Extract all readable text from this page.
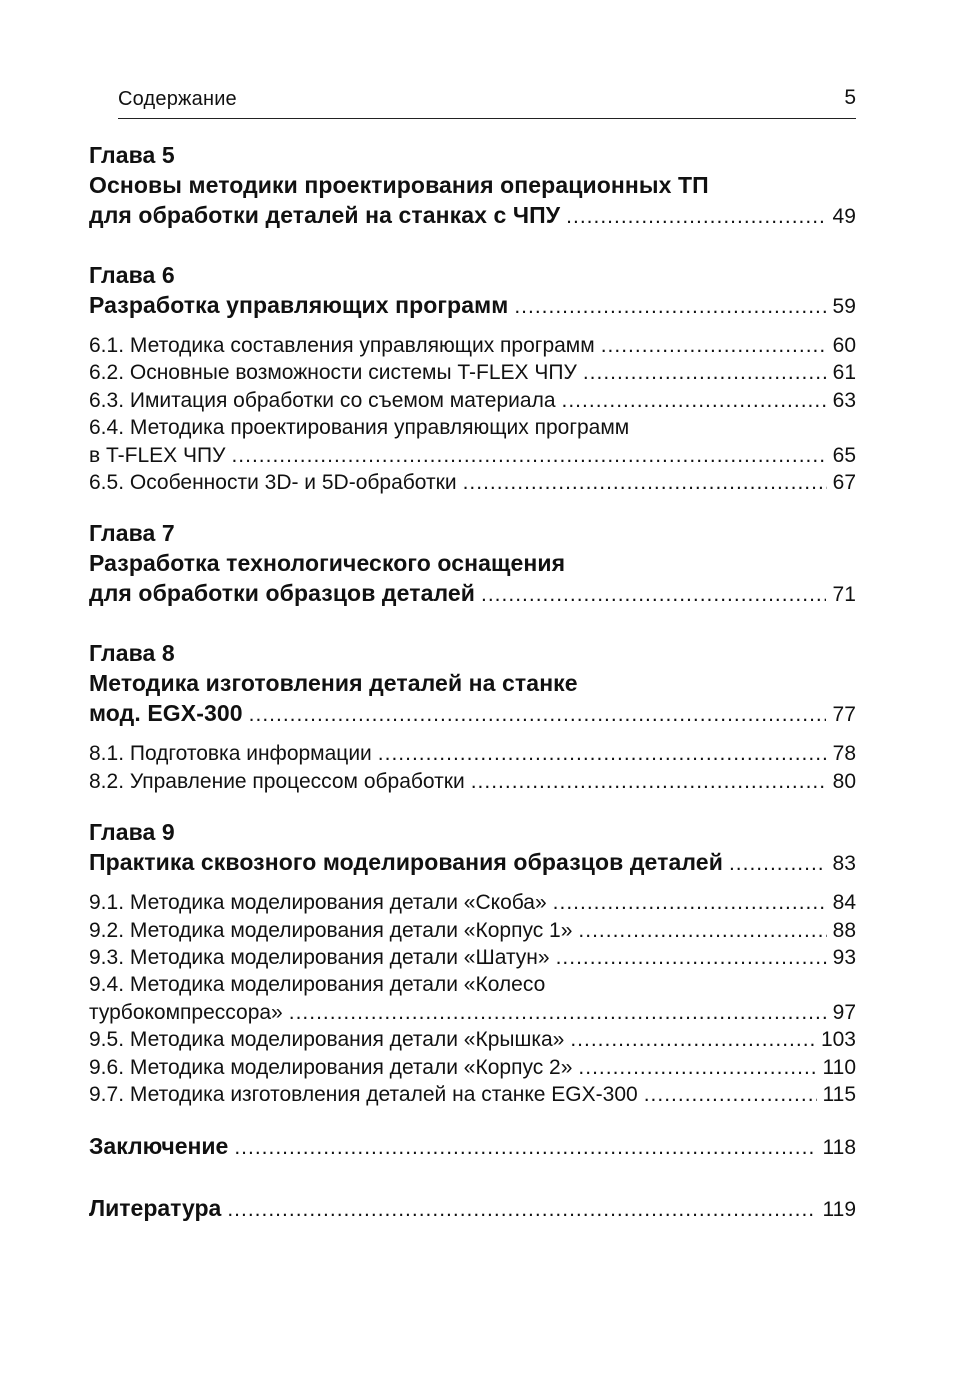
Содержание	5
Глава 5
Основы методики проектирования операционных ТП
для обработки деталей на станках с ЧПУ .....	49
Глава 6
Разработка управляющих программ .....	59
6.1. Методика составления управляющих программ .....	60
6.2. Основные возможности системы T-FLEX ЧПУ .....	61
6.3. Имитация обработки со съемом материала .....	63
6.4. Методика проектирования управляющих программ
в T-FLEX ЧПУ .....	65
6.5. Особенности 3D- и 5D-обработки .....	67
Глава 7
Разработка технологического оснащения
для обработки образцов деталей .....	71
Глава 8
Методика изготовления деталей на станке
мод. EGX-300 .....	77
8.1. Подготовка информации .....	78
8.2. Управление процессом обработки .....	80
Глава 9
Практика сквозного моделирования образцов деталей .....	83
9.1. Методика моделирования детали «Скоба» .....	84
9.2. Методика моделирования детали «Корпус 1» .....	88
9.3. Методика моделирования детали «Шатун» .....	93
9.4. Методика моделирования детали «Колесо
турбокомпрессора» .....	97
9.5. Методика моделирования детали «Крышка» .....	103
9.6. Методика моделирования детали «Корпус 2» .....	110
9.7. Методика изготовления деталей на станке EGX-300 .....	115
Заключение .....	118
Литература .....	119
